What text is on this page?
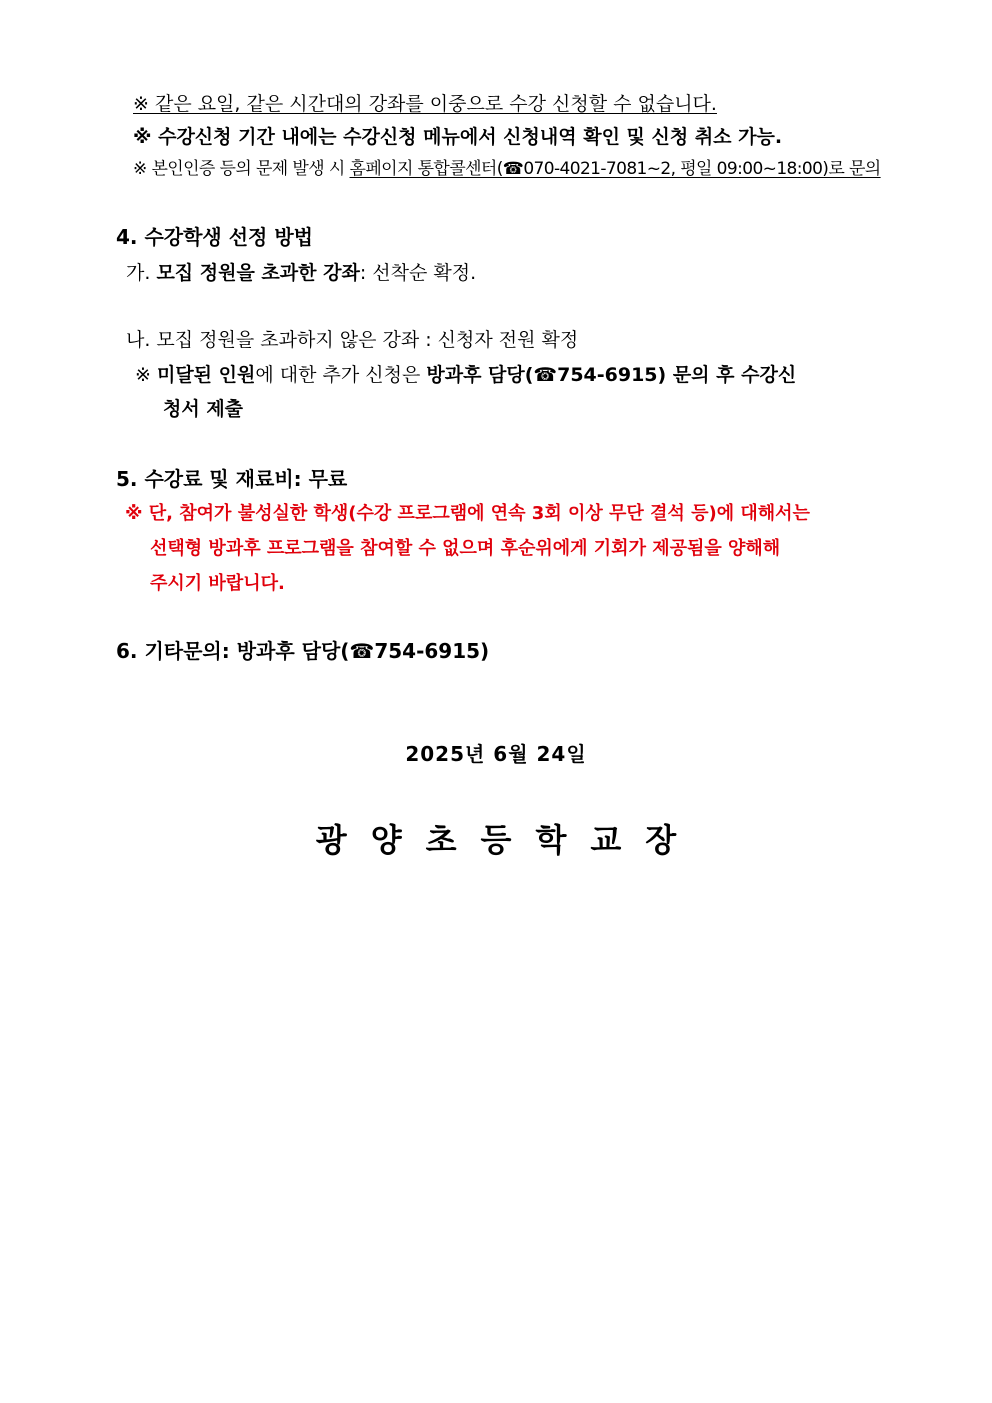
※ 같은 요일, 같은 시간대의 강좌를 이중으로 수강 신청할 수 없습니다.
※ 수강신청 기간 내에는 수강신청 메뉴에서 신청내역 확인 및 신청 취소 가능.
※ 본인인증 등의 문제 발생 시 홈페이지 통합콜센터(☎070-4021-7081~2, 평일 09:00~18:00)로 문의
4. 수강학생 선정 방법
가. 모집 정원을 초과한 강좌: 선착순 확정.
나. 모집 정원을 초과하지 않은 강좌 : 신청자 전원 확정
※ 미달된 인원에 대한 추가 신청은 방과후 담당(☎754-6915) 문의 후 수강신
청서 제출
5. 수강료 및 재료비: 무료
※ 단, 참여가 불성실한 학생(수강 프로그램에 연속 3회 이상 무단 결석 등)에 대해서는
선택형 방과후 프로그램을 참여할 수 없으며 후순위에게 기회가 제공됨을 양해해
주시기 바랍니다.
6. 기타문의: 방과후 담당(☎754-6915)
2025년 6월 24일
광양초등학교장
